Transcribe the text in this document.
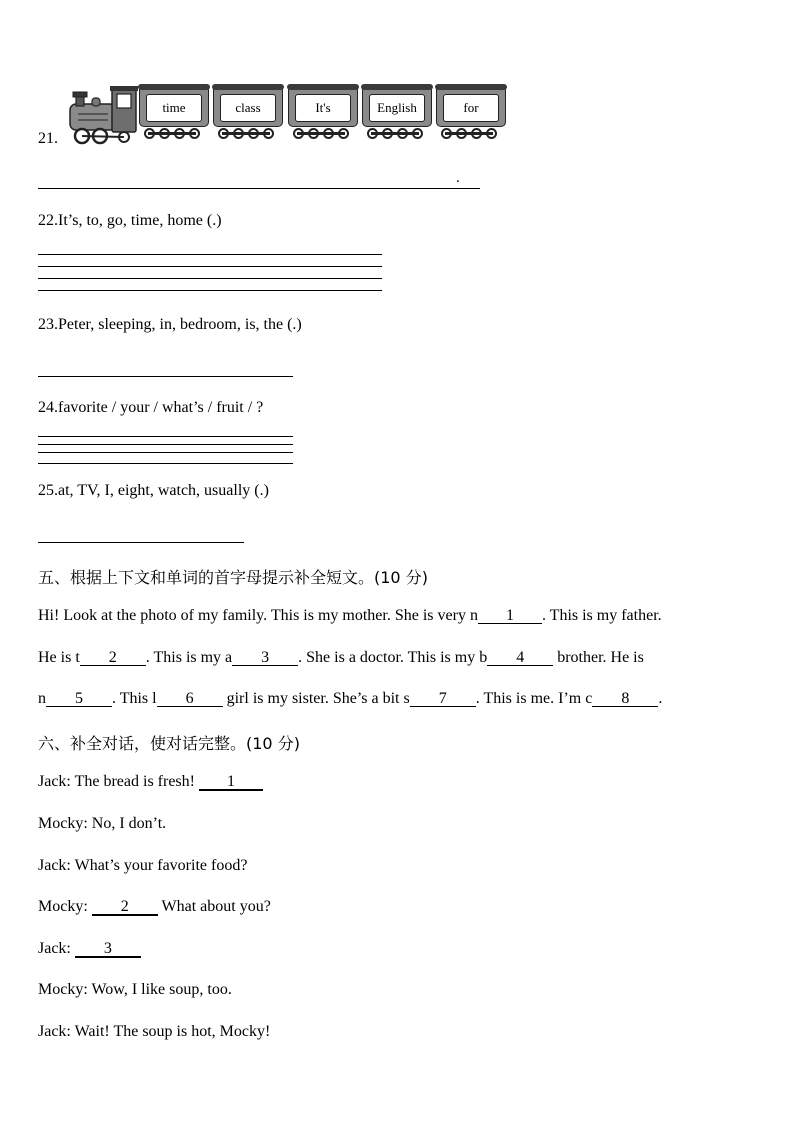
21.
time	class	It's	English	for
.
22.It’s, to, go, time, home (.)
23.Peter, sleeping, in, bedroom, is, the (.)
24.favorite / your / what’s / fruit / ?
25.at, TV, I, eight, watch, usually (.)
五、根据上下文和单词的首字母提示补全短文。(10 分)
Hi! Look at the photo of my family. This is my mother. She is very n 1 . This is my father.
He is t 2 . This is my a 3 . She is a doctor. This is my b 4 brother. He is
n 5 . This l 6 girl is my sister. She’s a bit s 7 . This is me. I’m c 8 .
六、补全对话，使对话完整。(10 分)
Jack: The bread is fresh! 1
Mocky: No, I don’t.
Jack: What’s your favorite food?
Mocky: 2 What about you?
Jack: 3
Mocky: Wow, I like soup, too.
Jack: Wait! The soup is hot, Mocky!
